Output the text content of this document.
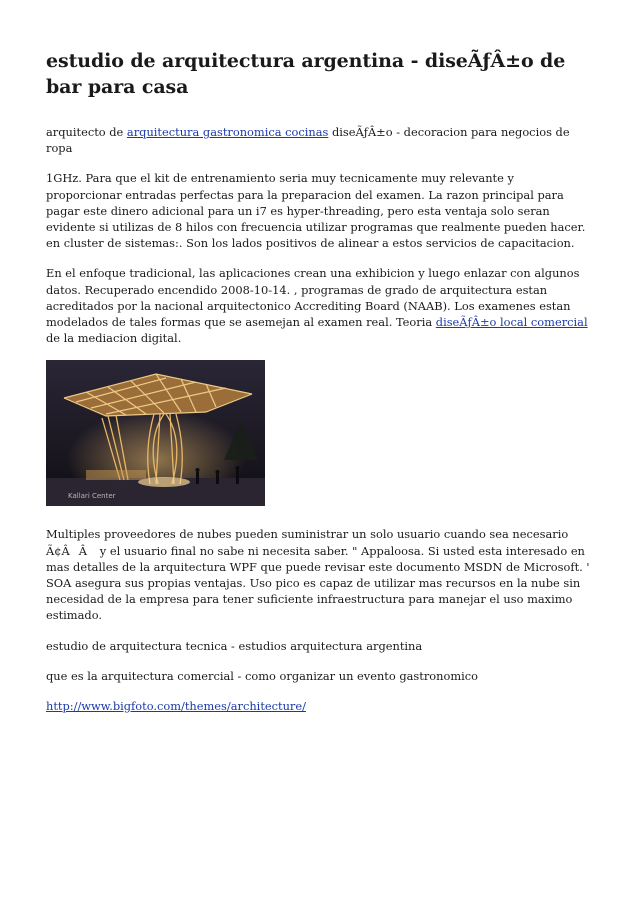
estudio de arquitectura argentina - diseÃƒÂ±o de bar para casa

arquitecto de arquitectura gastronomica cocinas diseÃƒÂ±o - decoracion para negocios de ropa

1GHz. Para que el kit de entrenamiento seria muy tecnicamente muy relevante y proporcionar entradas perfectas para la preparacion del examen. La razon principal para pagar este dinero adicional para un i7 es hyper-threading, pero esta ventaja solo seran evidente si utilizas de 8 hilos con frecuencia utilizar programas que realmente pueden hacer. en cluster de sistemas:. Son los lados positivos de alinear a estos servicios de capacitacion.

En el enfoque tradicional, las aplicaciones crean una exhibicion y luego enlazar con algunos datos. Recuperado encendido 2008-10-14. , programas de grado de arquitectura estan acreditados por la nacional arquitectonico Accrediting Board (NAAB). Los examenes estan modelados de tales formas que se asemejan al examen real. Teoria diseÃƒÂ±o local comercial de la mediacion digital.

Kallari Center

Multiples proveedores de nubes pueden suministrar un solo usuario cuando sea necesario Ã¢ÂÂ y el usuario final no sabe ni necesita saber. " Appaloosa. Si usted esta interesado en mas detalles de la arquitectura WPF que puede revisar este documento MSDN de Microsoft. ' SOA asegura sus propias ventajas. Uso pico es capaz de utilizar mas recursos en la nube sin necesidad de la empresa para tener suficiente infraestructura para manejar el uso maximo estimado.

estudio de arquitectura tecnica - estudios arquitectura argentina

que es la arquitectura comercial - como organizar un evento gastronomico

http://www.bigfoto.com/themes/architecture/
